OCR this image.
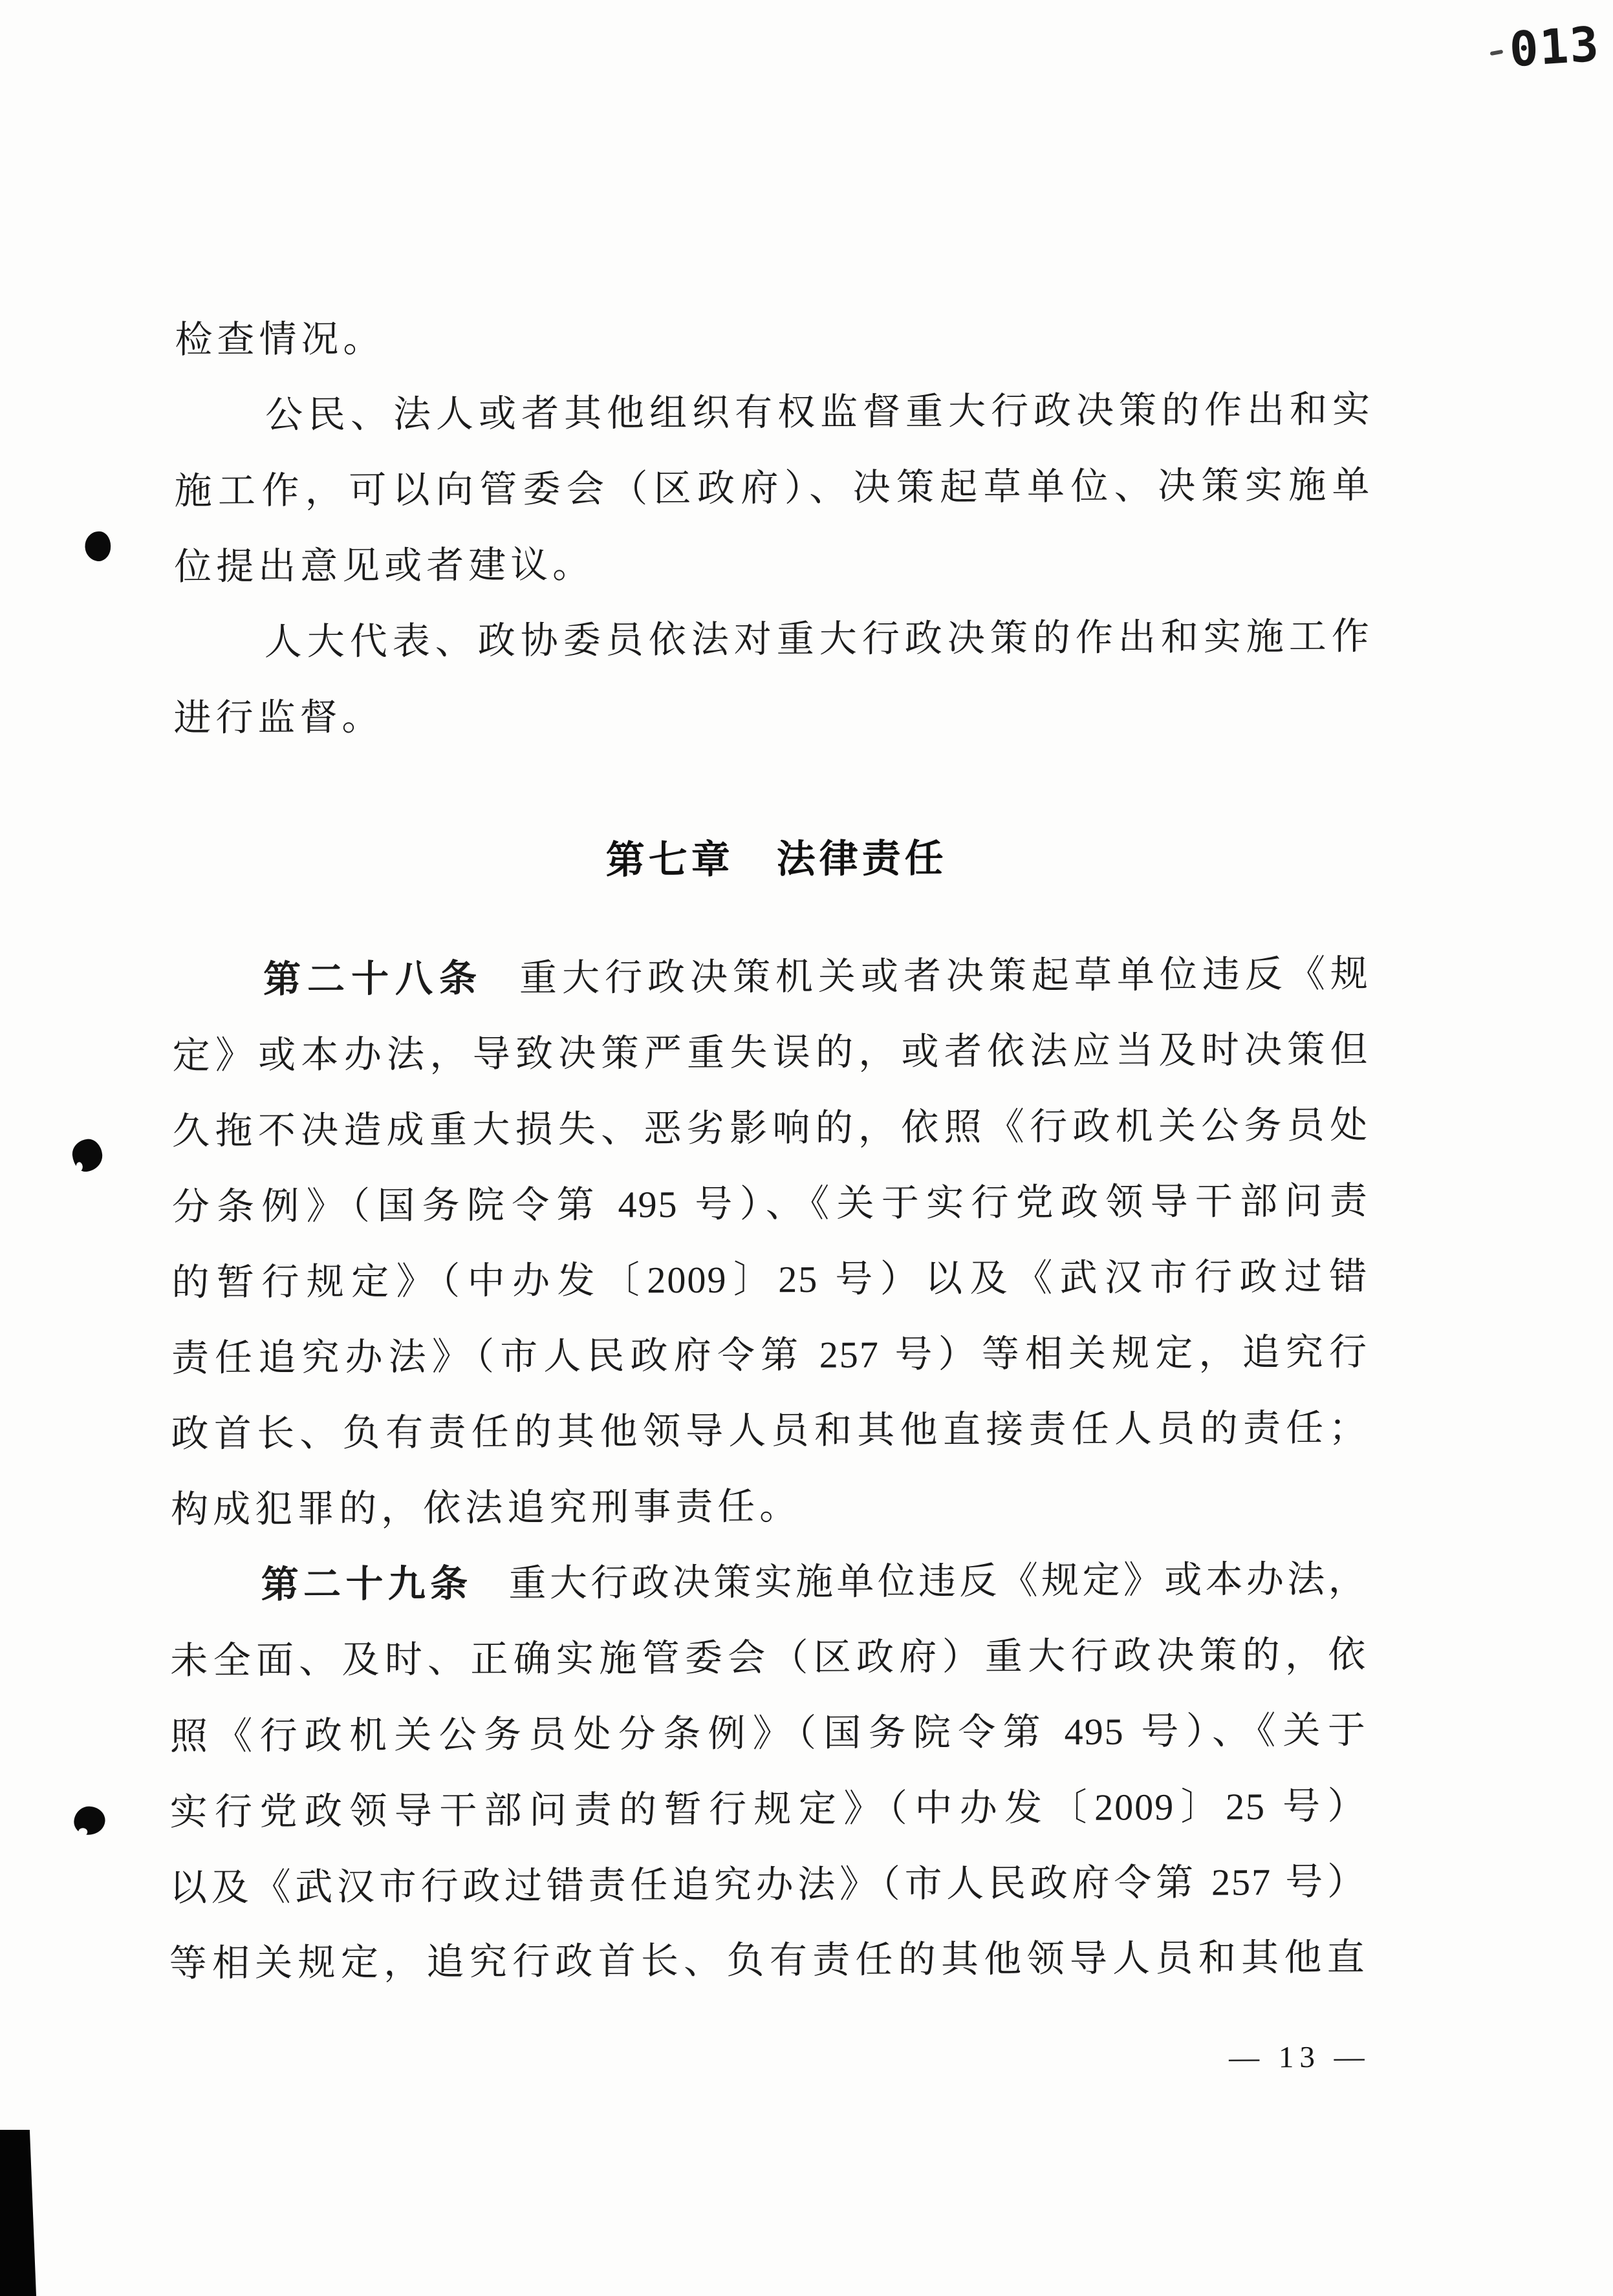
013
检查情况。
公民、法人或者其他组织有权监督重大行政决策的作出和实
施工作，可以向管委会（区政府）、决策起草单位、决策实施单
位提出意见或者建议。
人大代表、政协委员依法对重大行政决策的作出和实施工作
进行监督。
第七章　法律责任
第二十八条 重大行政决策机关或者决策起草单位违反《规
定》或本办法，导致决策严重失误的，或者依法应当及时决策但
久拖不决造成重大损失、恶劣影响的，依照《行政机关公务员处
分条例》（国务院令第 495 号）、《关于实行党政领导干部问责
的暂行规定》（中办发〔2009〕25 号）以及《武汉市行政过错
责任追究办法》（市人民政府令第 257 号）等相关规定，追究行
政首长、负有责任的其他领导人员和其他直接责任人员的责任；
构成犯罪的，依法追究刑事责任。
第二十九条 重大行政决策实施单位违反《规定》或本办法，
未全面、及时、正确实施管委会（区政府）重大行政决策的，依
照《行政机关公务员处分条例》（国务院令第 495 号）、《关于
实行党政领导干部问责的暂行规定》（中办发〔2009〕25 号）
以及《武汉市行政过错责任追究办法》（市人民政府令第 257 号）
等相关规定，追究行政首长、负有责任的其他领导人员和其他直
— 13 —
